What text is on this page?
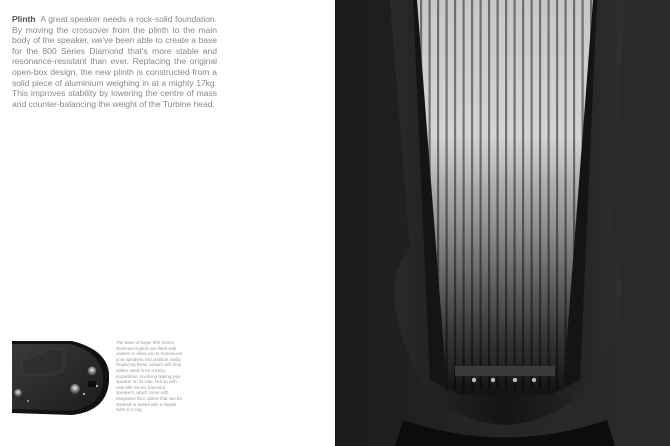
Plinth A great speaker needs a rock-solid foundation. By moving the crossover from the plinth to the main body of the speaker, we've been able to create a base for the 800 Series Diamond that's more stable and resonance-resistant than ever. Replacing the original open-box design, the new plinth is constructed from a solid piece of aluminium weighing in at a mighty 17kg. This improves stability by lowering the centre of mass and counter-balancing the weight of the Turbine head.

The base of larger 800 Series Diamond models are fitted with castors to allow you to manoeuvre your speakers into position easily. Replacing these castors with floor spikes used to be a tricky proposition, involving tipping your speaker on its side. Not so with new 800 Series Diamond speakers, which come with integrated floor spikes that can be lowered or raised with a simple twist of a cog.
